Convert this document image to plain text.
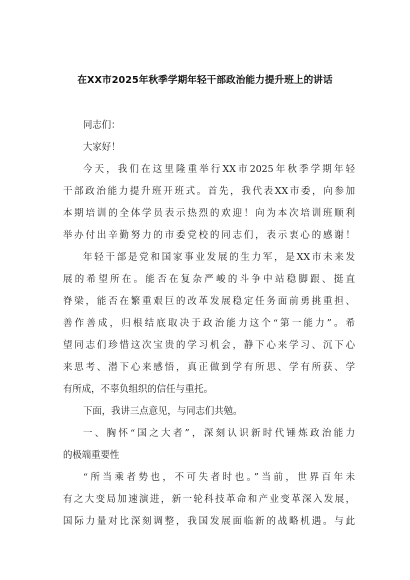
在XX市2025年秋季学期年轻干部政治能力提升班上的讲话
同志们：
大家好！
今天，我们在这里隆重举行XX市2025年秋季学期年轻
干部政治能力提升班开班式。首先，我代表XX市委，向参加
本期培训的全体学员表示热烈的欢迎！向为本次培训班顺利
举办付出辛勤努力的市委党校的同志们，表示衷心的感谢！
年轻干部是党和国家事业发展的生力军，是XX市未来发
展的希望所在。能否在复杂严峻的斗争中站稳脚跟、挺直
脊梁，能否在繁重艰巨的改革发展稳定任务面前勇挑重担、
善作善成，归根结底取决于政治能力这个“第一能力”。希
望同志们珍惜这次宝贵的学习机会，静下心来学习、沉下心
来思考、潜下心来感悟，真正做到学有所思、学有所获、学
有所成，不辜负组织的信任与重托。
下面，我讲三点意见，与同志们共勉。
一、胸怀“国之大者”，深刻认识新时代锤炼政治能力
的极端重要性
“所当乘者势也，不可失者时也。”当前，世界百年未
有之大变局加速演进，新一轮科技革命和产业变革深入发展，
国际力量对比深刻调整，我国发展面临新的战略机遇。与此
